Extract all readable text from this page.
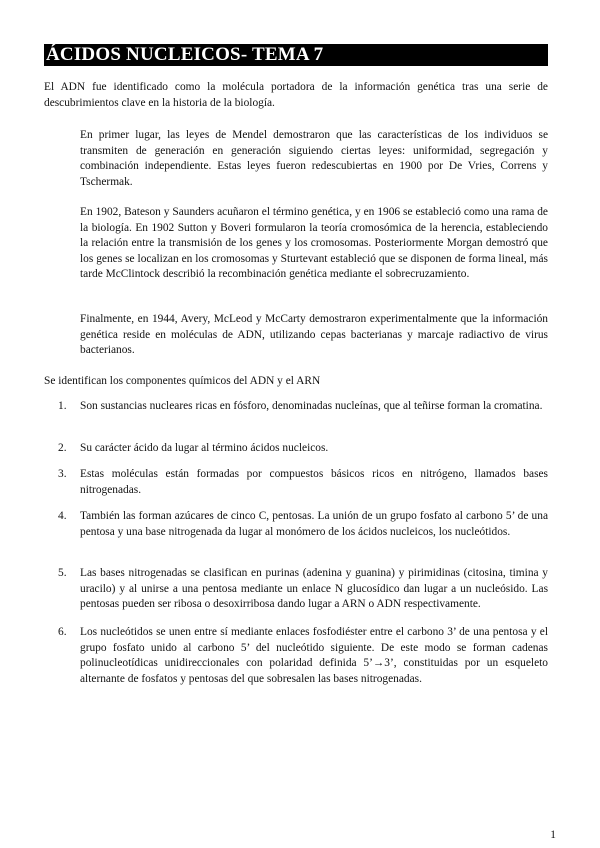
ÁCIDOS NUCLEICOS- TEMA 7

El ADN fue identificado como la molécula portadora de la información genética tras una serie de descubrimientos clave en la historia de la biología.

En primer lugar, las leyes de Mendel demostraron que las características de los individuos se transmiten de generación en generación siguiendo ciertas leyes: uniformidad, segregación y combinación independiente. Estas leyes fueron redescubiertas en 1900 por De Vries, Correns y Tschermak.

En 1902, Bateson y Saunders acuñaron el término genética, y en 1906 se estableció como una rama de la biología. En 1902 Sutton y Boveri formularon la teoría cromosómica de la herencia, estableciendo la relación entre la transmisión de los genes y los cromosomas. Posteriormente Morgan demostró que los genes se localizan en los cromosomas y Sturtevant estableció que se disponen de forma lineal, más tarde McClintock describió la recombinación genética mediante el sobrecruzamiento.

Finalmente, en 1944, Avery, McLeod y McCarty demostraron experimentalmente que la información genética reside en moléculas de ADN, utilizando cepas bacterianas y marcaje radiactivo de virus bacterianos.

Se identifican los componentes químicos del ADN y el ARN

1.	Son sustancias nucleares ricas en fósforo, denominadas nucleínas, que al teñirse forman la cromatina.
2.	Su carácter ácido da lugar al término ácidos nucleicos.
3.	Estas moléculas están formadas por compuestos básicos ricos en nitrógeno, llamados bases nitrogenadas.
4.	También las forman azúcares de cinco C, pentosas. La unión de un grupo fosfato al carbono 5’ de una pentosa y una base nitrogenada da lugar al monómero de los ácidos nucleicos, los nucleótidos.
5.	Las bases nitrogenadas se clasifican en purinas (adenina y guanina) y pirimidinas (citosina, timina y uracilo) y al unirse a una pentosa mediante un enlace N glucosídico dan lugar a un nucleósido. Las pentosas pueden ser ribosa o desoxirribosa dando lugar a ARN o ADN respectivamente.
6.	Los nucleótidos se unen entre sí mediante enlaces fosfodiéster entre el carbono 3’ de una pentosa y el grupo fosfato unido al carbono 5’ del nucleótido siguiente. De este modo se forman cadenas polinucleotídicas unidireccionales con polaridad definida 5’→3’, constituidas por un esqueleto alternante de fosfatos y pentosas del que sobresalen las bases nitrogenadas.
1
